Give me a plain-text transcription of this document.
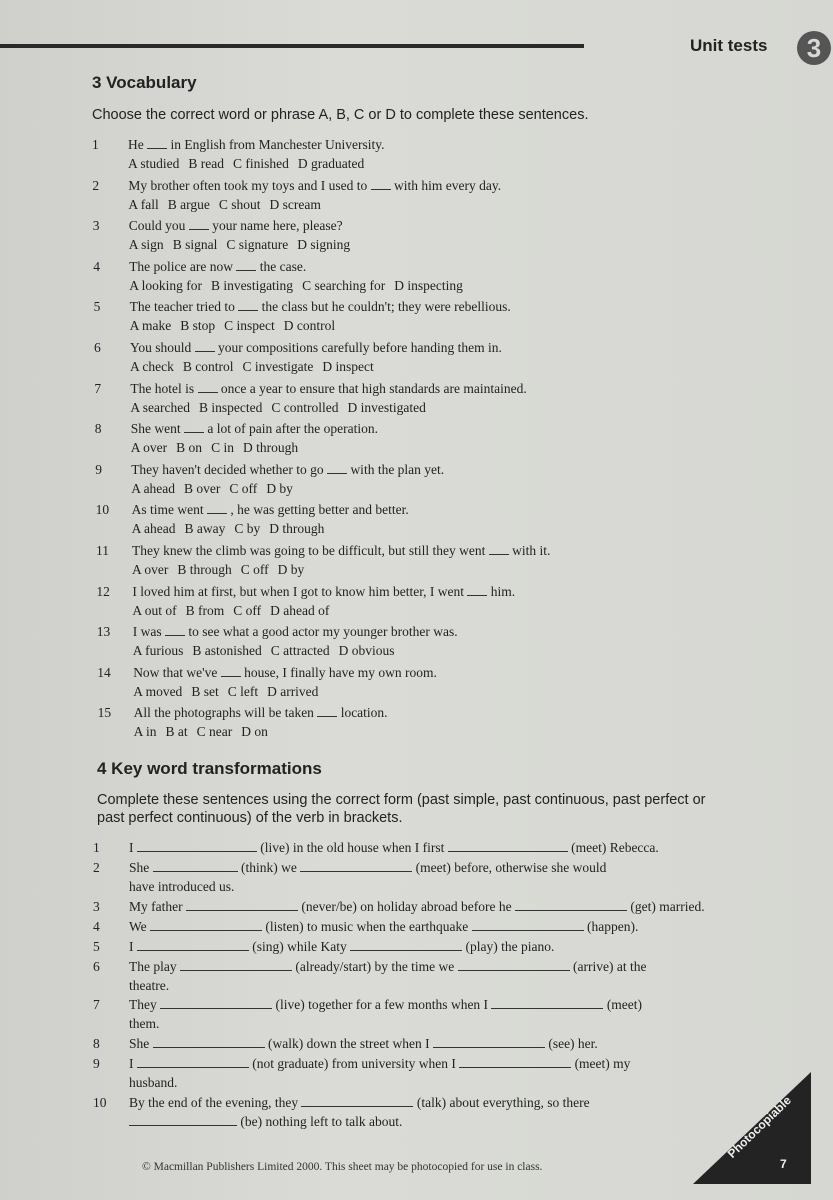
Unit tests	3
3 Vocabulary
Choose the correct word or phrase A, B, C or D to complete these sentences.
1	He in English from Manchester University.
A studied B read C finished D graduated
2	My brother often took my toys and I used to with him every day.
A fall B argue C shout D scream
3	Could you your name here, please?
A sign B signal C signature D signing
4	The police are now the case.
A looking for B investigating C searching for D inspecting
5	The teacher tried to the class but he couldn't; they were rebellious.
A make B stop C inspect D control
6	You should your compositions carefully before handing them in.
A check B control C investigate D inspect
7	The hotel is once a year to ensure that high standards are maintained.
A searched B inspected C controlled D investigated
8	She went a lot of pain after the operation.
A over B on C in D through
9	They haven't decided whether to go with the plan yet.
A ahead B over C off D by
10	As time went , he was getting better and better.
A ahead B away C by D through
11	They knew the climb was going to be difficult, but still they went with it.
A over B through C off D by
12	I loved him at first, but when I got to know him better, I went him.
A out of B from C off D ahead of
13	I was to see what a good actor my younger brother was.
A furious B astonished C attracted D obvious
14	Now that we've house, I finally have my own room.
A moved B set C left D arrived
15	All the photographs will be taken location.
A in B at C near D on
4 Key word transformations
Complete these sentences using the correct form (past simple, past continuous, past perfect or
past perfect continuous) of the verb in brackets.
1 I	(live) in the old house when I first	(meet) Rebecca.
2 She	(think) we	(meet) before, otherwise she would
have introduced us.
3 My father	(never/be) on holiday abroad before he	(get) married.
4 We	(listen) to music when the earthquake	(happen).
5 I	(sing) while Katy	(play) the piano.
6 The play	(already/start) by the time we	(arrive) at the
theatre.
7 They	(live) together for a few months when I	(meet)
them.
8 She	(walk) down the street when I	(see) her.
9 I	(not graduate) from university when I	(meet) my
husband.
10 By the end of the evening, they	(talk) about everything, so there
(be) nothing left to talk about.
© Macmillan Publishers Limited 2000. This sheet may be photocopied for use in class.
Photocopiable
7
